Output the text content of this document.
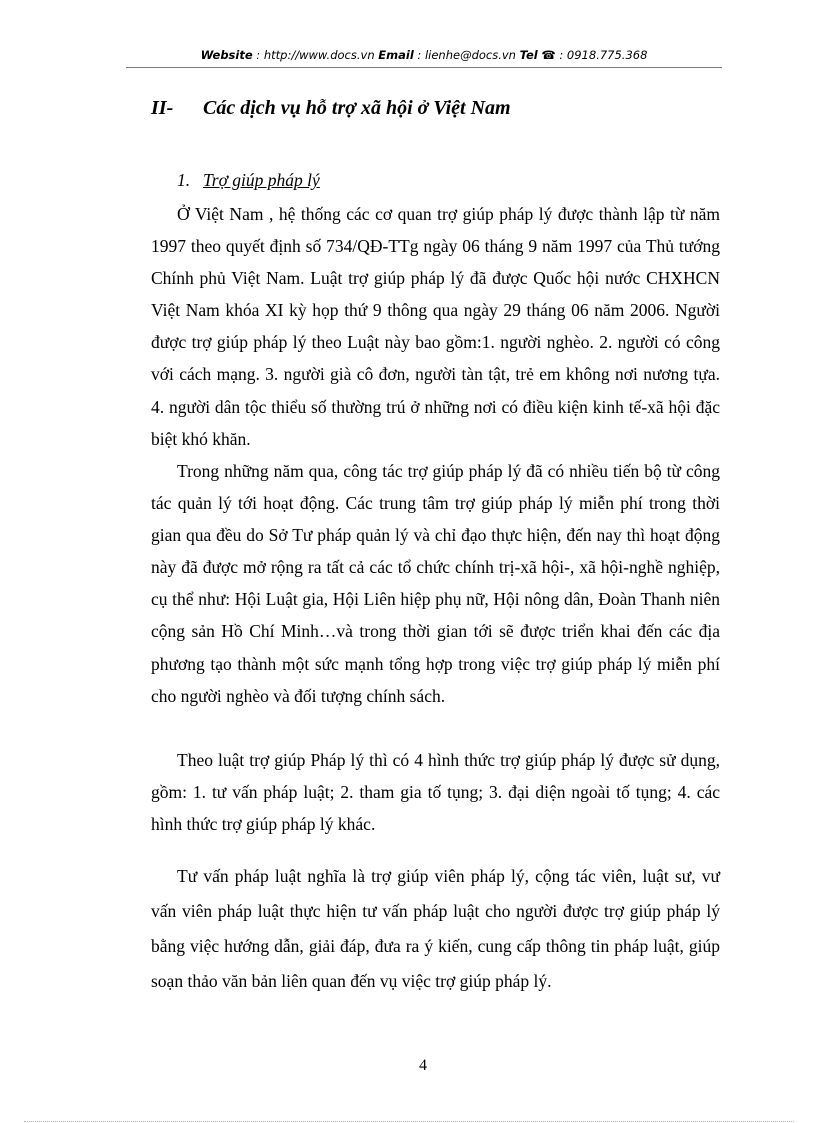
Website : http://www.docs.vn Email : lienhe@docs.vn Tel ☎ : 0918.775.368
II- Các dịch vụ hỗ trợ xã hội ở Việt Nam
1. Trợ giúp pháp lý

Ở Việt Nam , hệ thống các cơ quan trợ giúp pháp lý được thành lập từ năm 1997 theo quyết định số 734/QĐ-TTg ngày 06 tháng 9 năm 1997 của Thủ tướng Chính phủ Việt Nam. Luật trợ giúp pháp lý đã được Quốc hội nước CHXHCN Việt Nam khóa XI kỳ họp thứ 9 thông qua ngày 29 tháng 06 năm 2006. Người được trợ giúp pháp lý theo Luật này bao gồm:1. người nghèo. 2. người có công với cách mạng. 3. người già cô đơn, người tàn tật, trẻ em không nơi nương tựa. 4. người dân tộc thiểu số thường trú ở những nơi có điều kiện kinh tế-xã hội đặc biệt khó khăn.

Trong những năm qua, công tác trợ giúp pháp lý đã có nhiều tiến bộ từ công tác quản lý tới hoạt động. Các trung tâm trợ giúp pháp lý miễn phí trong thời gian qua đều do Sở Tư pháp quản lý và chỉ đạo thực hiện, đến nay thì hoạt động này đã được mở rộng ra tất cả các tổ chức chính trị-xã hội-, xã hội-nghề nghiệp, cụ thể như: Hội Luật gia, Hội Liên hiệp phụ nữ, Hội nông dân, Đoàn Thanh niên cộng sản Hồ Chí Minh…và trong thời gian tới sẽ được triển khai đến các địa phương tạo thành một sức mạnh tổng hợp trong việc trợ giúp pháp lý miễn phí cho người nghèo và đối tượng chính sách.

Theo luật trợ giúp Pháp lý thì có 4 hình thức trợ giúp pháp lý được sử dụng, gồm: 1. tư vấn pháp luật; 2. tham gia tố tụng; 3. đại diện ngoài tố tụng; 4. các hình thức trợ giúp pháp lý khác.

Tư vấn pháp luật nghĩa là trợ giúp viên pháp lý, cộng tác viên, luật sư, vư vấn viên pháp luật thực hiện tư vấn pháp luật cho người được trợ giúp pháp lý bằng việc hướng dẫn, giải đáp, đưa ra ý kiến, cung cấp thông tin pháp luật, giúp soạn thảo văn bản liên quan đến vụ việc trợ giúp pháp lý.

4
